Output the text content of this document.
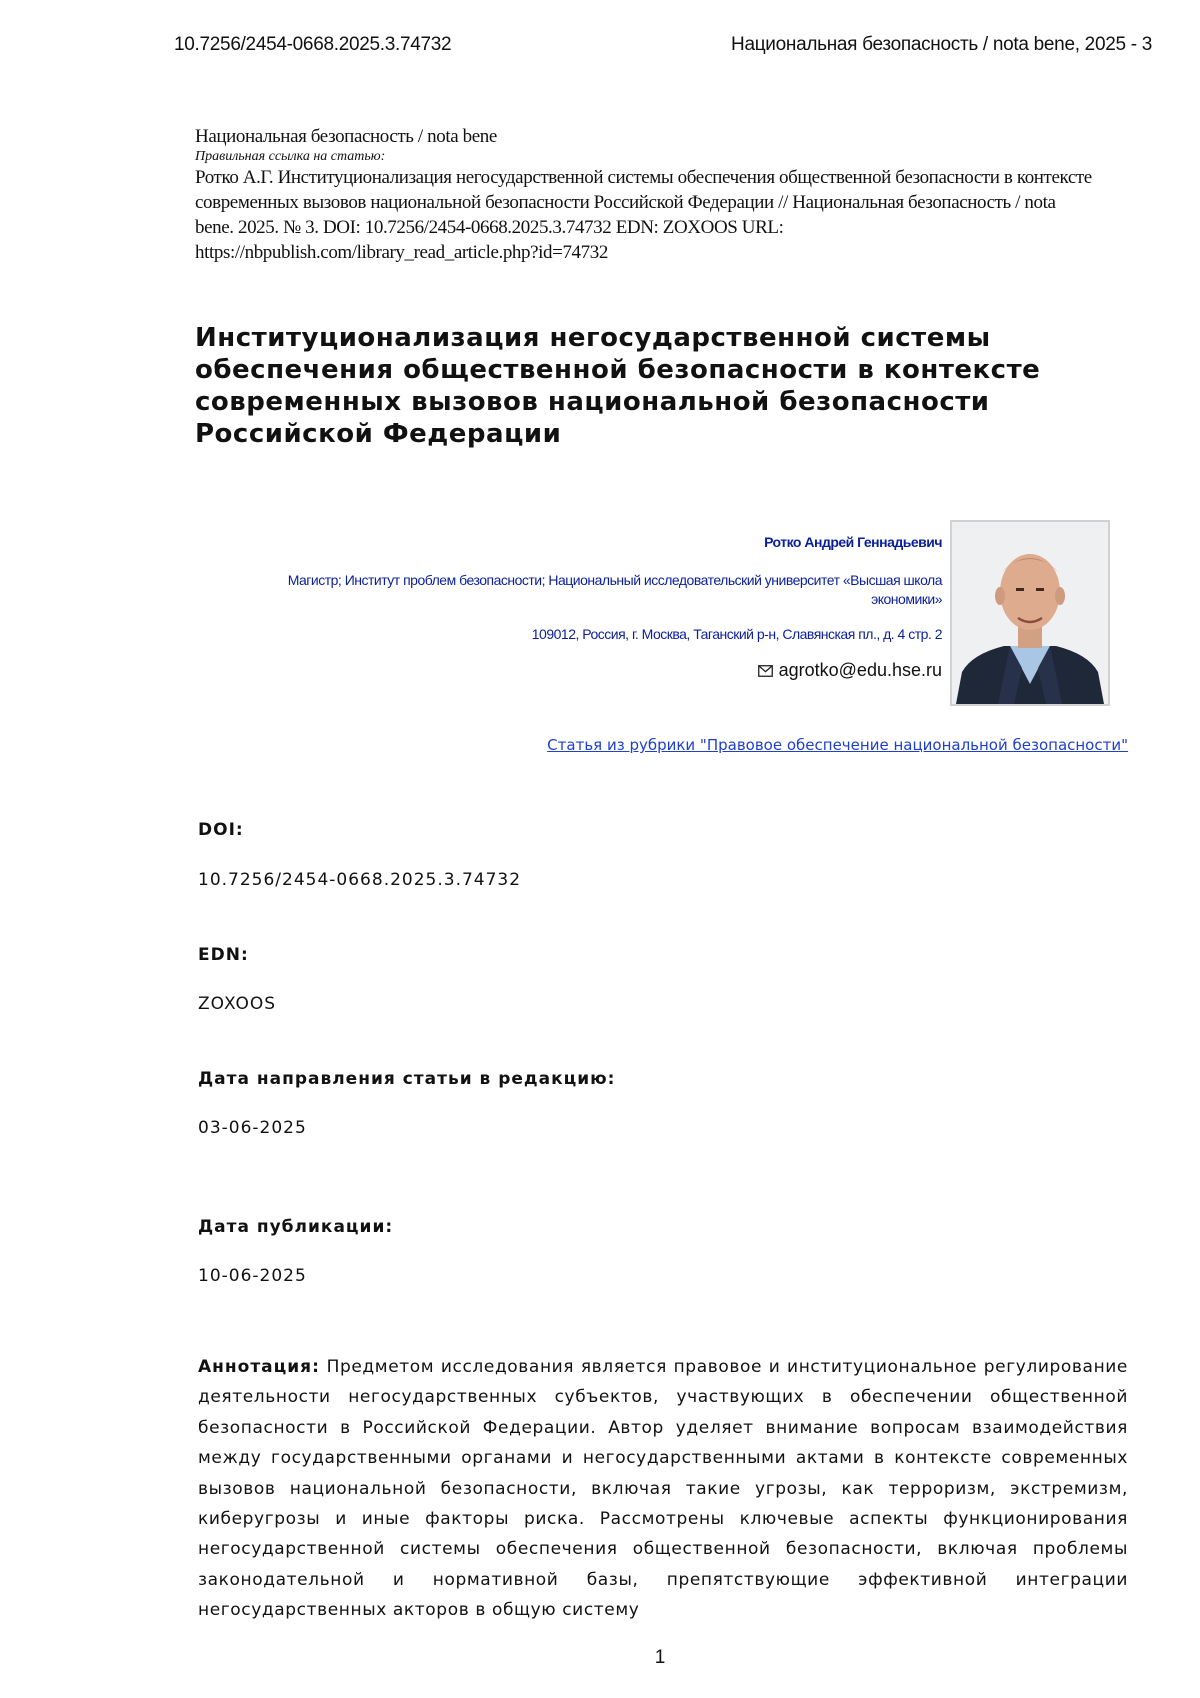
10.7256/2454-0668.2025.3.74732	Национальная безопасность / nota bene, 2025 - 3
Национальная безопасность / nota bene
Правильная ссылка на статью:
Ротко А.Г. Институционализация негосударственной системы обеспечения общественной безопасности в контексте современных вызовов национальной безопасности Российской Федерации // Национальная безопасность / nota bene. 2025. № 3. DOI: 10.7256/2454-0668.2025.3.74732 EDN: ZOXOOS URL: https://nbpublish.com/library_read_article.php?id=74732
Институционализация негосударственной системы обеспечения общественной безопасности в контексте современных вызовов национальной безопасности Российской Федерации
Ротко Андрей Геннадьевич
Магистр; Институт проблем безопасности; Национальный исследовательский университет «Высшая школа экономики»
109012, Россия, г. Москва, Таганский р-н, Славянская пл., д. 4 стр. 2
agrotko@edu.hse.ru
Статья из рубрики "Правовое обеспечение национальной безопасности"
DOI:
10.7256/2454-0668.2025.3.74732
EDN:
ZOXOOS
Дата направления статьи в редакцию:
03-06-2025
Дата публикации:
10-06-2025

Аннотация: Предметом исследования является правовое и институциональное регулирование деятельности негосударственных субъектов, участвующих в обеспечении общественной безопасности в Российской Федерации. Автор уделяет внимание вопросам взаимодействия между государственными органами и негосударственными актами в контексте современных вызовов национальной безопасности, включая такие угрозы, как терроризм, экстремизм, киберугрозы и иные факторы риска. Рассмотрены ключевые аспекты функционирования негосударственной системы обеспечения общественной безопасности, включая проблемы законодательной и нормативной базы, препятствующие эффективной интеграции негосударственных акторов в общую систему

1
